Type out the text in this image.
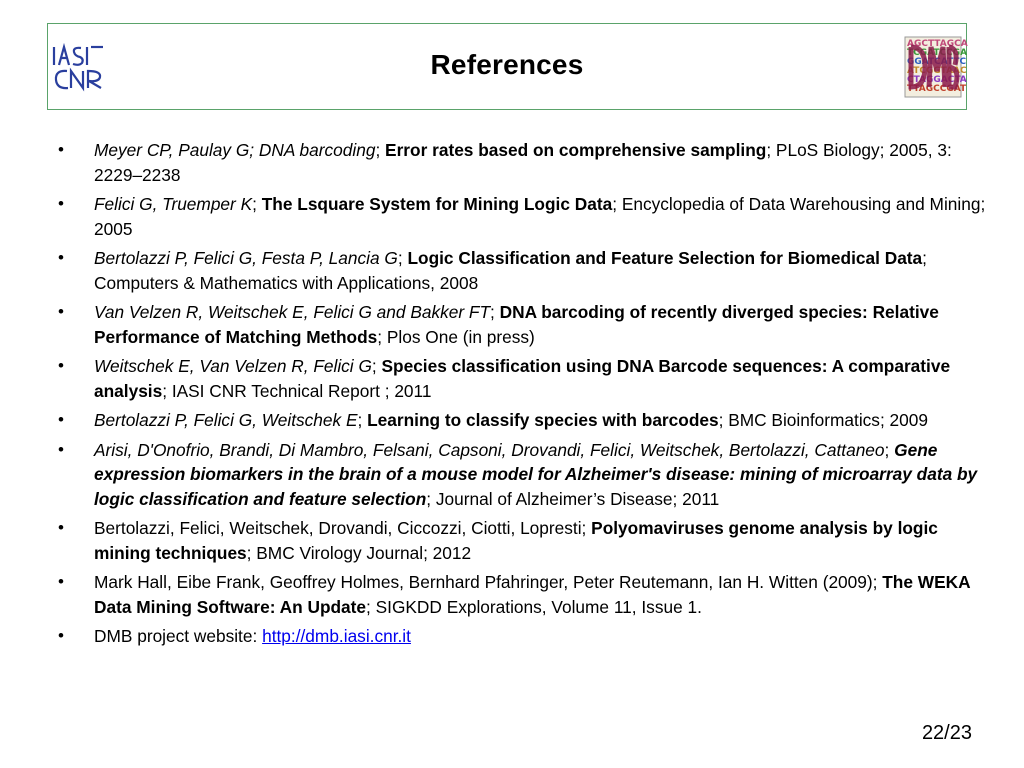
References
AGCTTAGCA
TCGATCCGA
GGATCATTC
ATCGGTAAC
CTAGGACTA
TTAGCCGAT
• Meyer CP, Paulay G; DNA barcoding; Error rates based on comprehensive sampling; PLoS Biology; 2005, 3: 2229–2238
• Felici G, Truemper K; The Lsquare System for Mining Logic Data; Encyclopedia of Data Warehousing and Mining; 2005
• Bertolazzi P, Felici G, Festa P, Lancia G; Logic Classification and Feature Selection for Biomedical Data; Computers & Mathematics with Applications, 2008
• Van Velzen R, Weitschek E, Felici G and Bakker FT; DNA barcoding of recently diverged species: Relative Performance of Matching Methods; Plos One (in press)
• Weitschek E, Van Velzen R, Felici G; Species classification using DNA Barcode sequences: A comparative analysis; IASI CNR Technical Report ; 2011
• Bertolazzi P, Felici G, Weitschek E; Learning to classify species with barcodes; BMC Bioinformatics; 2009
• Arisi, D'Onofrio, Brandi, Di Mambro, Felsani, Capsoni, Drovandi, Felici, Weitschek, Bertolazzi, Cattaneo; Gene expression biomarkers in the brain of a mouse model for Alzheimer's disease: mining of microarray data by logic classification and feature selection; Journal of Alzheimer’s Disease; 2011
• Bertolazzi, Felici, Weitschek, Drovandi, Ciccozzi, Ciotti, Lopresti; Polyomaviruses genome analysis by logic mining techniques; BMC Virology Journal; 2012
• Mark Hall, Eibe Frank, Geoffrey Holmes, Bernhard Pfahringer, Peter Reutemann, Ian H. Witten (2009); The WEKA Data Mining Software: An Update; SIGKDD Explorations, Volume 11, Issue 1.
• DMB project website: http://dmb.iasi.cnr.it
22/23
